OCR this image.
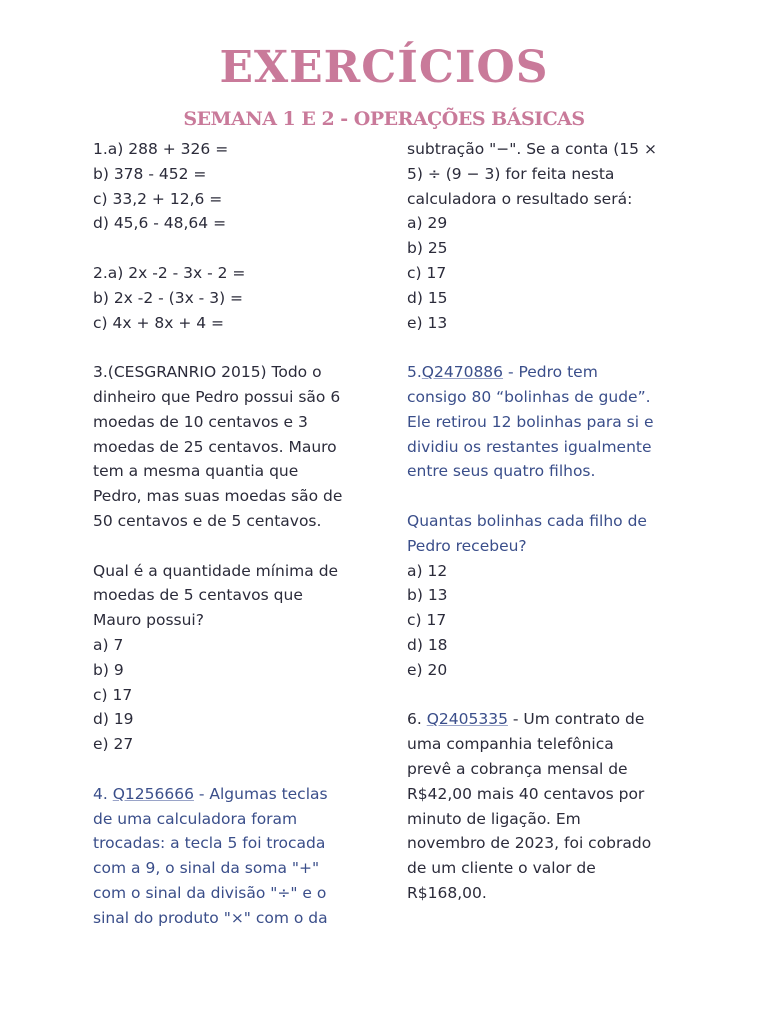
EXERCÍCIOS
SEMANA 1 E 2 - OPERAÇÕES BÁSICAS
1.a) 288 + 326 =
b) 378 - 452 =
c) 33,2 + 12,6 =
d) 45,6 - 48,64 =
2.a) 2x -2 - 3x - 2 =
b) 2x -2 - (3x - 3) =
c) 4x + 8x + 4 =
3.(CESGRANRIO 2015) Todo o
dinheiro que Pedro possui são 6
moedas de 10 centavos e 3
moedas de 25 centavos. Mauro
tem a mesma quantia que
Pedro, mas suas moedas são de
50 centavos e de 5 centavos.
Qual é a quantidade mínima de
moedas de 5 centavos que
Mauro possui?
a) 7
b) 9
c) 17
d) 19
e) 27
4. Q1256666 - Algumas teclas
de uma calculadora foram
trocadas: a tecla 5 foi trocada
com a 9, o sinal da soma "+"
com o sinal da divisão "÷" e o
sinal do produto "×" com o da
subtração "−". Se a conta (15 ×
5) ÷ (9 − 3) for feita nesta
calculadora o resultado será:
a) 29
b) 25
c) 17
d) 15
e) 13
5.Q2470886 - Pedro tem
consigo 80 “bolinhas de gude”.
Ele retirou 12 bolinhas para si e
dividiu os restantes igualmente
entre seus quatro filhos.
Quantas bolinhas cada filho de
Pedro recebeu?
a) 12
b) 13
c) 17
d) 18
e) 20
6. Q2405335 - Um contrato de
uma companhia telefônica
prevê a cobrança mensal de
R$42,00 mais 40 centavos por
minuto de ligação. Em
novembro de 2023, foi cobrado
de um cliente o valor de
R$168,00.
